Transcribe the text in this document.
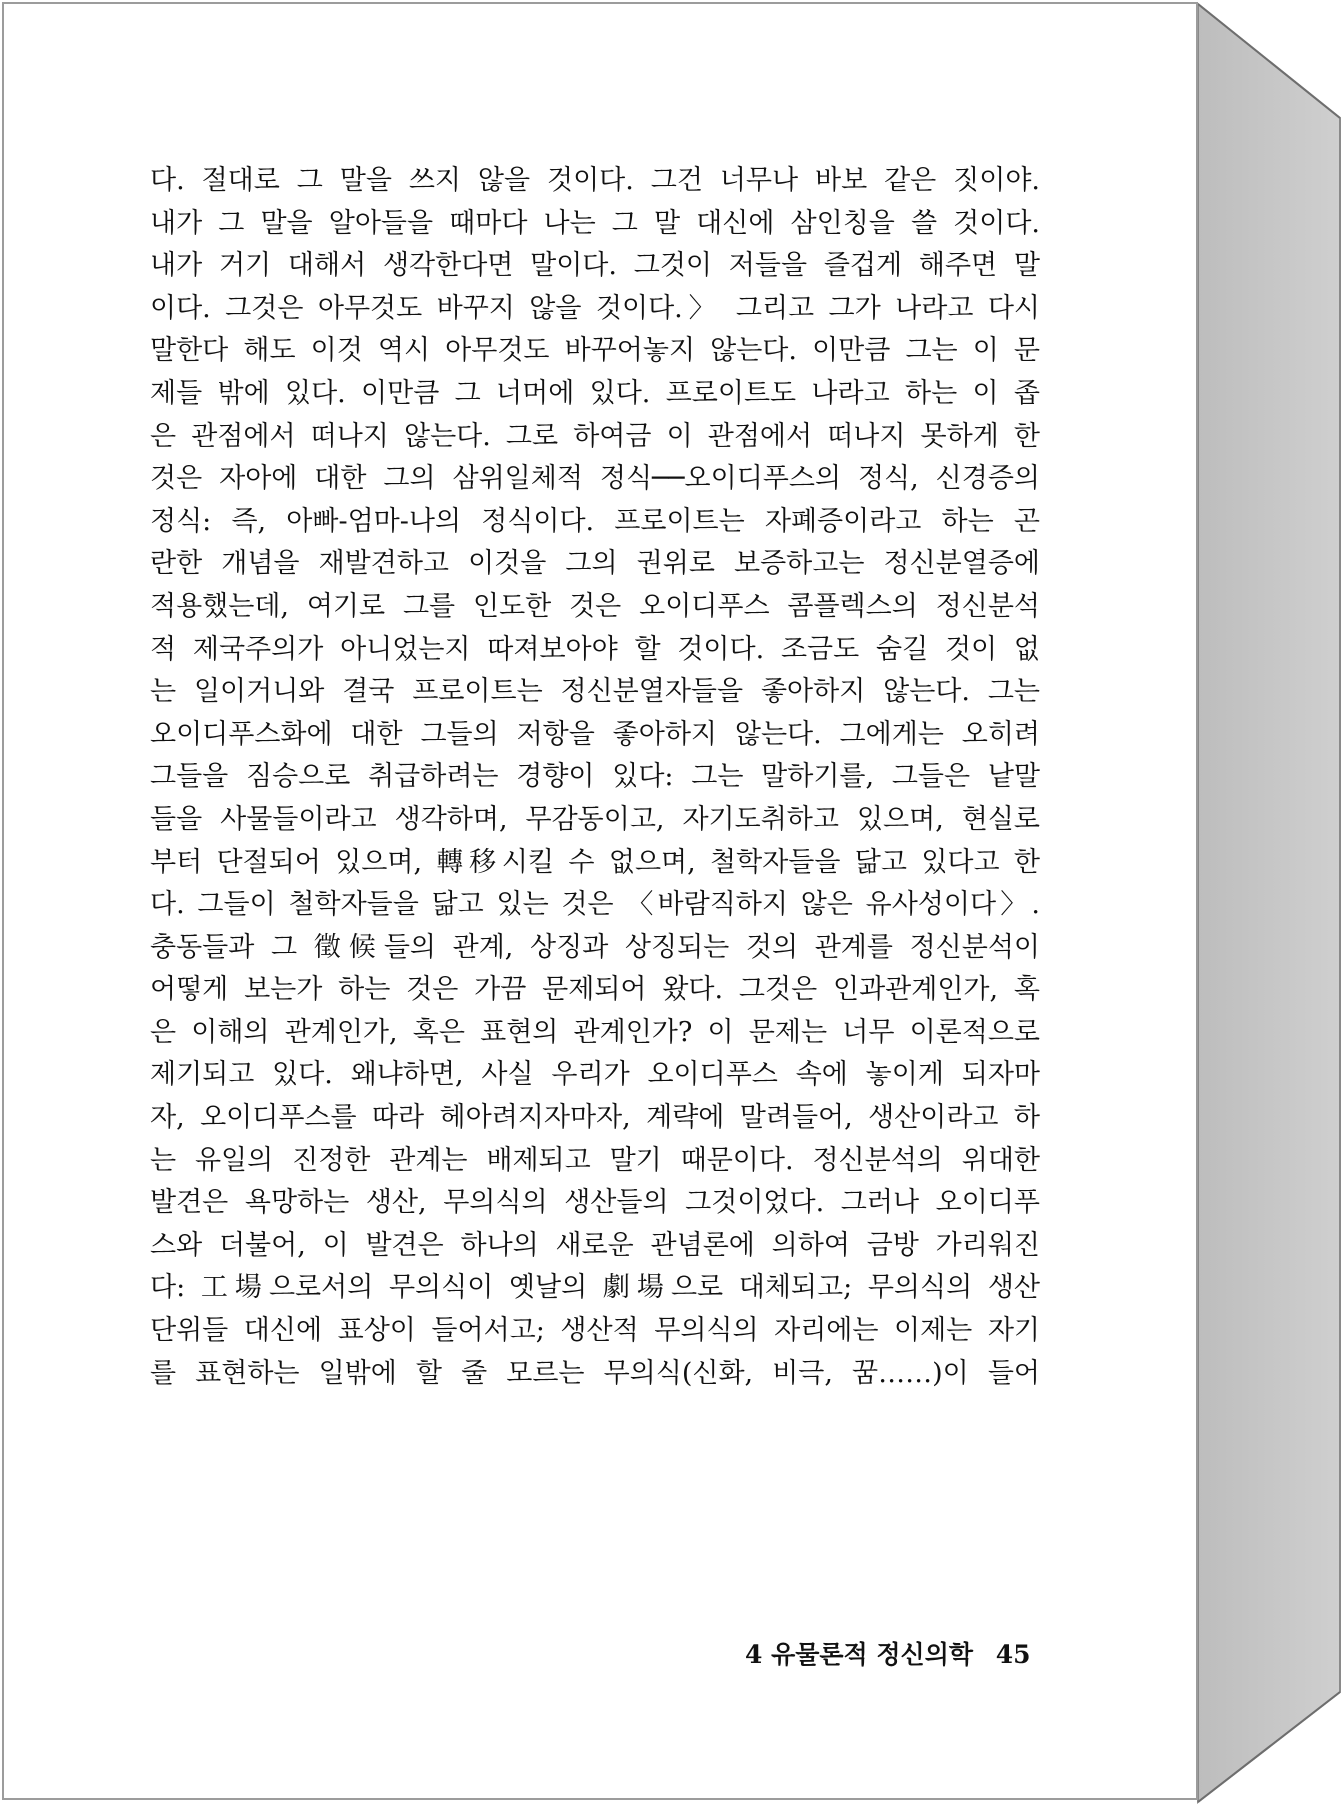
다. 절대로 그 말을 쓰지 않을 것이다. 그건 너무나 바보 같은 짓이야.
내가 그 말을 알아들을 때마다 나는 그 말 대신에 삼인칭을 쓸 것이다.
내가 거기 대해서 생각한다면 말이다. 그것이 저들을 즐겁게 해주면 말
이다. 그것은 아무것도 바꾸지 않을 것이다.〉 그리고 그가 나라고 다시
말한다 해도 이것 역시 아무것도 바꾸어놓지 않는다. 이만큼 그는 이 문
제들 밖에 있다. 이만큼 그 너머에 있다. 프로이트도 나라고 하는 이 좁
은 관점에서 떠나지 않는다. 그로 하여금 이 관점에서 떠나지 못하게 한
것은 자아에 대한 그의 삼위일체적 정식──오이디푸스의 정식, 신경증의
정식: 즉, 아빠-엄마-나의 정식이다. 프로이트는 자폐증이라고 하는 곤
란한 개념을 재발견하고 이것을 그의 권위로 보증하고는 정신분열증에
적용했는데, 여기로 그를 인도한 것은 오이디푸스 콤플렉스의 정신분석
적 제국주의가 아니었는지 따져보아야 할 것이다. 조금도 숨길 것이 없
는 일이거니와 결국 프로이트는 정신분열자들을 좋아하지 않는다. 그는
오이디푸스화에 대한 그들의 저항을 좋아하지 않는다. 그에게는 오히려
그들을 짐승으로 취급하려는 경향이 있다: 그는 말하기를, 그들은 낱말
들을 사물들이라고 생각하며, 무감동이고, 자기도취하고 있으며, 현실로
부터 단절되어 있으며, 轉移시킬 수 없으며, 철학자들을 닮고 있다고 한
다. 그들이 철학자들을 닮고 있는 것은 〈바람직하지 않은 유사성이다〉.
충동들과 그 徵候들의 관계, 상징과 상징되는 것의 관계를 정신분석이
어떻게 보는가 하는 것은 가끔 문제되어 왔다. 그것은 인과관계인가, 혹
은 이해의 관계인가, 혹은 표현의 관계인가? 이 문제는 너무 이론적으로
제기되고 있다. 왜냐하면, 사실 우리가 오이디푸스 속에 놓이게 되자마
자, 오이디푸스를 따라 헤아려지자마자, 계략에 말려들어, 생산이라고 하
는 유일의 진정한 관계는 배제되고 말기 때문이다. 정신분석의 위대한
발견은 욕망하는 생산, 무의식의 생산들의 그것이었다. 그러나 오이디푸
스와 더불어, 이 발견은 하나의 새로운 관념론에 의하여 금방 가리워진
다: 工場으로서의 무의식이 옛날의 劇場으로 대체되고; 무의식의 생산
단위들 대신에 표상이 들어서고; 생산적 무의식의 자리에는 이제는 자기
를 표현하는 일밖에 할 줄 모르는 무의식(신화, 비극, 꿈……)이 들어
4 유물론적 정신의학 45
